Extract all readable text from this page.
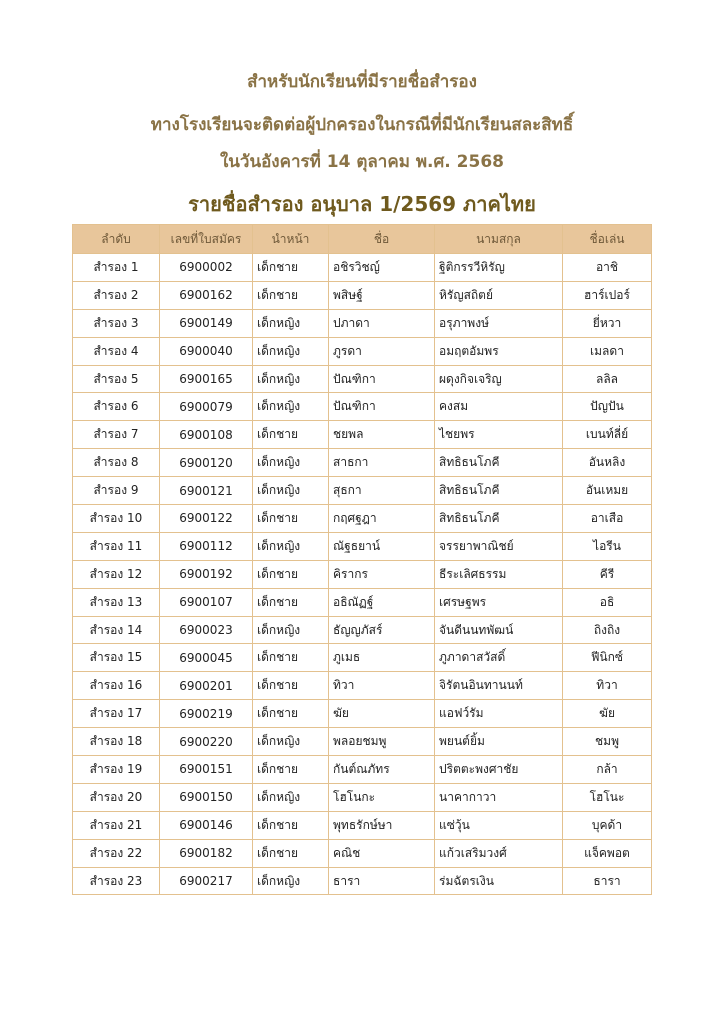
สำหรับนักเรียนที่มีรายชื่อสำรอง
ทางโรงเรียนจะติดต่อผู้ปกครองในกรณีที่มีนักเรียนสละสิทธิ์
ในวันอังคารที่ 14 ตุลาคม พ.ศ. 2568
รายชื่อสำรอง อนุบาล 1/2569 ภาคไทย
ลำดับ	เลขที่ใบสมัคร	นำหน้า	ชื่อ	นามสกุล	ชื่อเล่น
สำรอง 1	6900002	เด็กชาย	อชิรวิชญ์	ฐิติกรรวีหิรัญ	อาชิ
สำรอง 2	6900162	เด็กชาย	พสิษฐ์	หิรัญสถิตย์	ฮาร์เปอร์
สำรอง 3	6900149	เด็กหญิง	ปภาดา	อรุภาพงษ์	ยี่หวา
สำรอง 4	6900040	เด็กหญิง	ภูรดา	อมฤตอัมพร	เมลดา
สำรอง 5	6900165	เด็กหญิง	ปัณฑิกา	ผดุงกิจเจริญ	ลลิล
สำรอง 6	6900079	เด็กหญิง	ปัณฑิกา	คงสม	ปัญปัน
สำรอง 7	6900108	เด็กชาย	ชยพล	ไชยพร	เบนท์ลี่ย์
สำรอง 8	6900120	เด็กหญิง	สาธกา	สิทธิธนโภคี	อันหลิง
สำรอง 9	6900121	เด็กหญิง	สุธกา	สิทธิธนโภคี	อันเหมย
สำรอง 10	6900122	เด็กชาย	กฤศฐฎา	สิทธิธนโภคี	อาเสือ
สำรอง 11	6900112	เด็กหญิง	ณัฐธยาน์	จรรยาพาณิชย์	ไอรีน
สำรอง 12	6900192	เด็กชาย	คิรากร	ธีระเลิศธรรม	คีรี
สำรอง 13	6900107	เด็กชาย	อธิณัฏฐ์	เศรษฐพร	อธิ
สำรอง 14	6900023	เด็กหญิง	ธัญญภัสร์	จันดีนนทพัฒน์	ถิงถิง
สำรอง 15	6900045	เด็กชาย	ภูเมธ	ภูภาดาสวัสดิ์	ฟีนิกซ์
สำรอง 16	6900201	เด็กชาย	ทิวา	จิรัตนอินทานนท์	ทิวา
สำรอง 17	6900219	เด็กชาย	ฆัย	แอฟว์รัม	ฆัย
สำรอง 18	6900220	เด็กหญิง	พลอยชมพู	พยนต์ยิ้ม	ชมพู
สำรอง 19	6900151	เด็กชาย	กันต์ณภัทร	ปริตตะพงศาชัย	กล้า
สำรอง 20	6900150	เด็กหญิง	โฮโนกะ	นาคากาวา	โฮโนะ
สำรอง 21	6900146	เด็กชาย	พุทธรักษ์ษา	แซ่วุ้น	บุคด้า
สำรอง 22	6900182	เด็กชาย	คณิช	แก้วเสริมวงศ์	แจ็คพอต
สำรอง 23	6900217	เด็กหญิง	ธารา	ร่มฉัตรเงิน	ธารา
